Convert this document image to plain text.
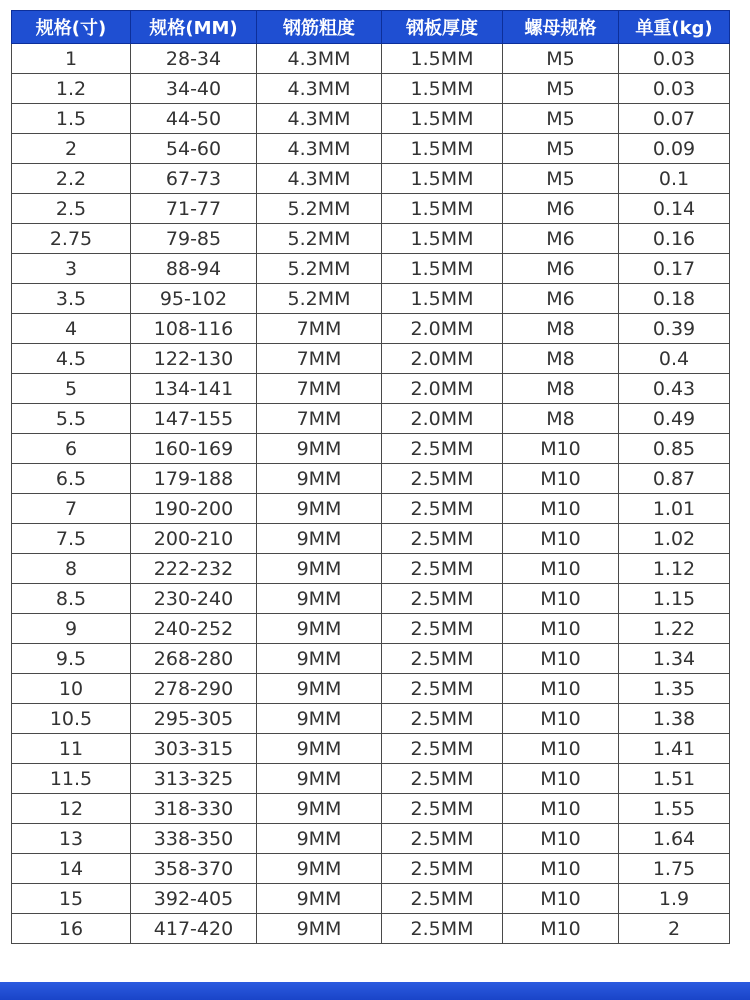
规格(寸)	规格(MM)	钢筋粗度	钢板厚度	螺母规格	单重(kg)
1	28-34	4.3MM	1.5MM	M5	0.03
1.2	34-40	4.3MM	1.5MM	M5	0.03
1.5	44-50	4.3MM	1.5MM	M5	0.07
2	54-60	4.3MM	1.5MM	M5	0.09
2.2	67-73	4.3MM	1.5MM	M5	0.1
2.5	71-77	5.2MM	1.5MM	M6	0.14
2.75	79-85	5.2MM	1.5MM	M6	0.16
3	88-94	5.2MM	1.5MM	M6	0.17
3.5	95-102	5.2MM	1.5MM	M6	0.18
4	108-116	7MM	2.0MM	M8	0.39
4.5	122-130	7MM	2.0MM	M8	0.4
5	134-141	7MM	2.0MM	M8	0.43
5.5	147-155	7MM	2.0MM	M8	0.49
6	160-169	9MM	2.5MM	M10	0.85
6.5	179-188	9MM	2.5MM	M10	0.87
7	190-200	9MM	2.5MM	M10	1.01
7.5	200-210	9MM	2.5MM	M10	1.02
8	222-232	9MM	2.5MM	M10	1.12
8.5	230-240	9MM	2.5MM	M10	1.15
9	240-252	9MM	2.5MM	M10	1.22
9.5	268-280	9MM	2.5MM	M10	1.34
10	278-290	9MM	2.5MM	M10	1.35
10.5	295-305	9MM	2.5MM	M10	1.38
11	303-315	9MM	2.5MM	M10	1.41
11.5	313-325	9MM	2.5MM	M10	1.51
12	318-330	9MM	2.5MM	M10	1.55
13	338-350	9MM	2.5MM	M10	1.64
14	358-370	9MM	2.5MM	M10	1.75
15	392-405	9MM	2.5MM	M10	1.9
16	417-420	9MM	2.5MM	M10	2
